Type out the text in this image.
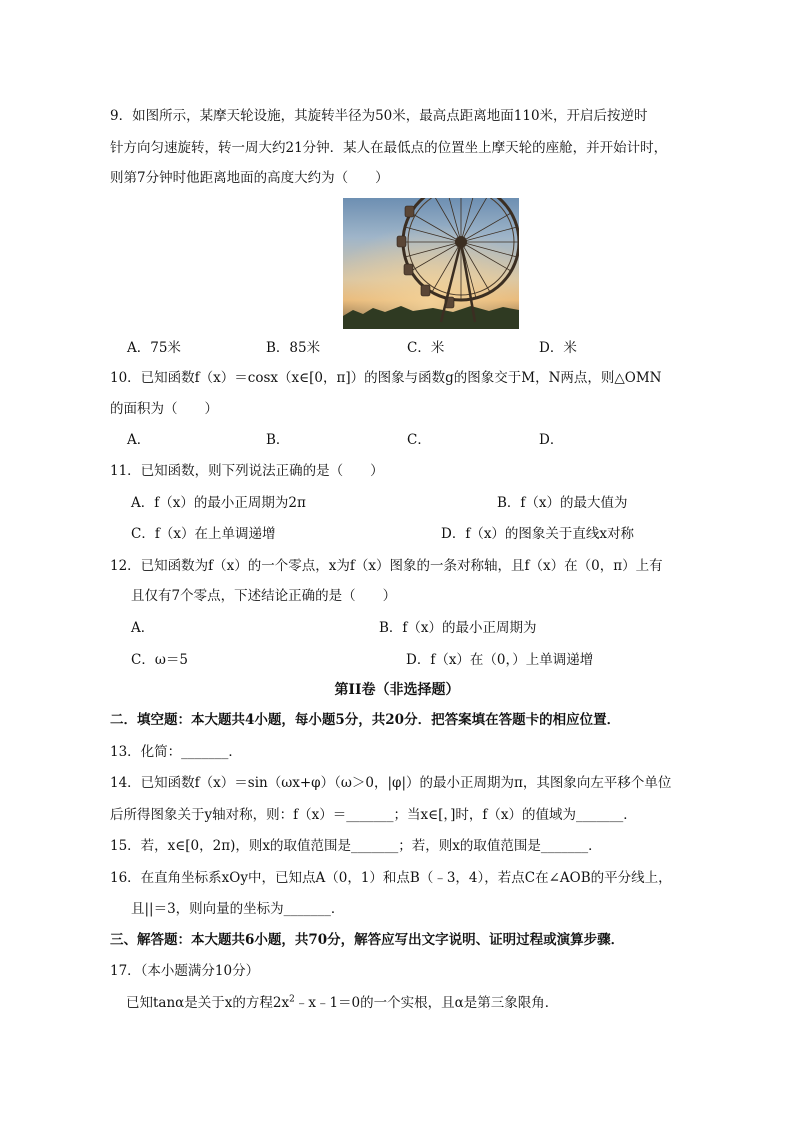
9．如图所示，某摩天轮设施，其旋转半径为50米，最高点距离地面110米，开启后按逆时
针方向匀速旋转，转一周大约21分钟．某人在最低点的位置坐上摩天轮的座舱，并开始计时，
则第7分钟时他距离地面的高度大约为（　　）
A．75米	B．85米	C．米	D．米
10．已知函数f（x）＝cosx（x∈[0，π]）的图象与函数g的图象交于M，N两点，则△OMN
的面积为（　　）
A．	B．	C．	D．
11．已知函数，则下列说法正确的是（　　）
A．f（x）的最小正周期为2π	B．f（x）的最大值为
C．f（x）在上单调递增	D．f（x）的图象关于直线x对称
12．已知函数为f（x）的一个零点，x为f（x）图象的一条对称轴，且f（x）在（0，π）上有
且仅有7个零点，下述结论正确的是（　　）
A．	B．f（x）的最小正周期为
C．ω＝5	D．f（x）在（0，）上单调递增
第II卷（非选择题）
二．填空题：本大题共4小题，每小题5分，共20分．把答案填在答题卡的相应位置．
13．化简：_______．
14．已知函数f（x）＝sin（ωx+φ）（ω＞0，|φ|）的最小正周期为π，其图象向左平移个单位
后所得图象关于y轴对称，则：f（x）＝_______；当x∈[，]时，f（x）的值域为_______．
15．若，x∈[0，2π)，则x的取值范围是_______；若，则x的取值范围是_______．
16．在直角坐标系xOy中，已知点A（0，1）和点B（﹣3，4），若点C在∠AOB的平分线上，
且||＝3，则向量的坐标为_______．
三、解答题：本大题共6小题，共70分，解答应写出文字说明、证明过程或演算步骤．
17．（本小题满分10分）
已知tanα是关于x的方程$2x^2﹣x﹣1=0$的一个实根，且α是第三象限角．
